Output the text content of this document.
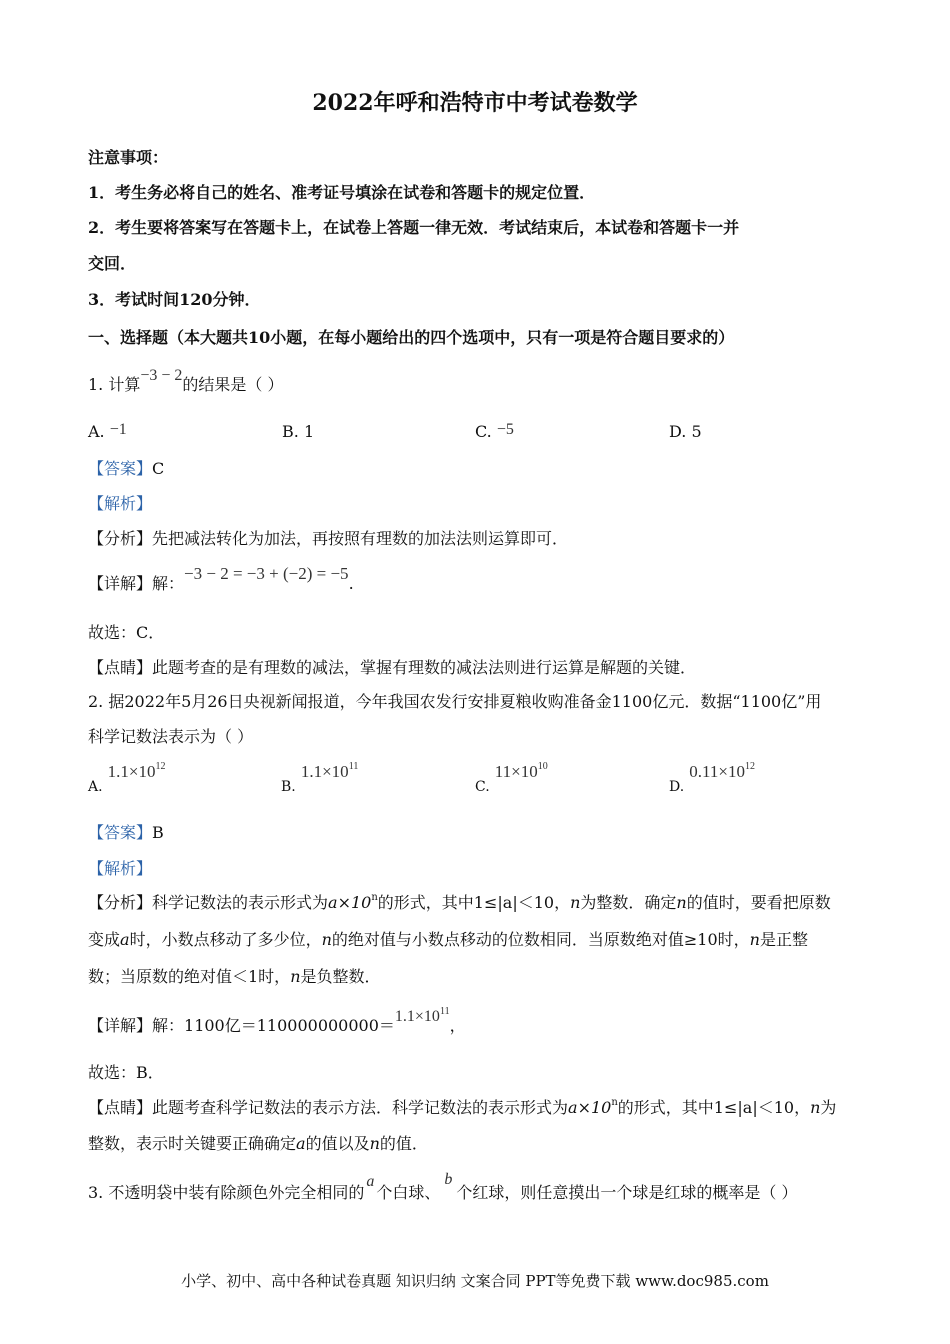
2022年呼和浩特市中考试卷数学
注意事项：
1．考生务必将自己的姓名、准考证号填涂在试卷和答题卡的规定位置．
2．考生要将答案写在答题卡上，在试卷上答题一律无效．考试结束后，本试卷和答题卡一并
交回．
3．考试时间120分钟．
一、选择题（本大题共10小题，在每小题给出的四个选项中，只有一项是符合题目要求的）
1. 计算−3 − 2的结果是（ ）
A. −1	B. 1	C. −5	D. 5
【答案】C
【解析】
【分析】先把减法转化为加法，再按照有理数的加法法则运算即可．
【详解】解：−3 − 2 = −3 + (−2) = −5.
故选：C．
【点睛】此题考查的是有理数的减法，掌握有理数的减法法则进行运算是解题的关键．
2. 据2022年5月26日央视新闻报道，今年我国农发行安排夏粮收购准备金1100亿元．数据“1100亿”用
科学记数法表示为（ ）
A. $1.1\times 10^{12}$
B. $1.1\times 10^{11}$
C. $11\times 10^{10}$
D. $0.11\times 10^{12}$
【答案】B
【解析】
【分析】科学记数法的表示形式为$a\times 10^n$的形式，其中1≤|a|＜10，n为整数．确定n的值时，要看把原数
变成a时，小数点移动了多少位，n的绝对值与小数点移动的位数相同．当原数绝对值≥10时，n是正整
数；当原数的绝对值＜1时，n是负整数．
【详解】解：1100亿$=110000000000=1.1\times 10^{11}$，
故选：B．
【点睛】此题考查科学记数法的表示方法．科学记数法的表示形式为$a\times 10^n$的形式，其中1≤|a|＜10，n为
整数，表示时关键要正确确定a的值以及n的值．
3. 不透明袋中装有除颜色外完全相同的a个白球、b个红球，则任意摸出一个球是红球的概率是（ ）
小学、初中、高中各种试卷真题 知识归纳 文案合同 PPT等免费下载 www.doc985.com
